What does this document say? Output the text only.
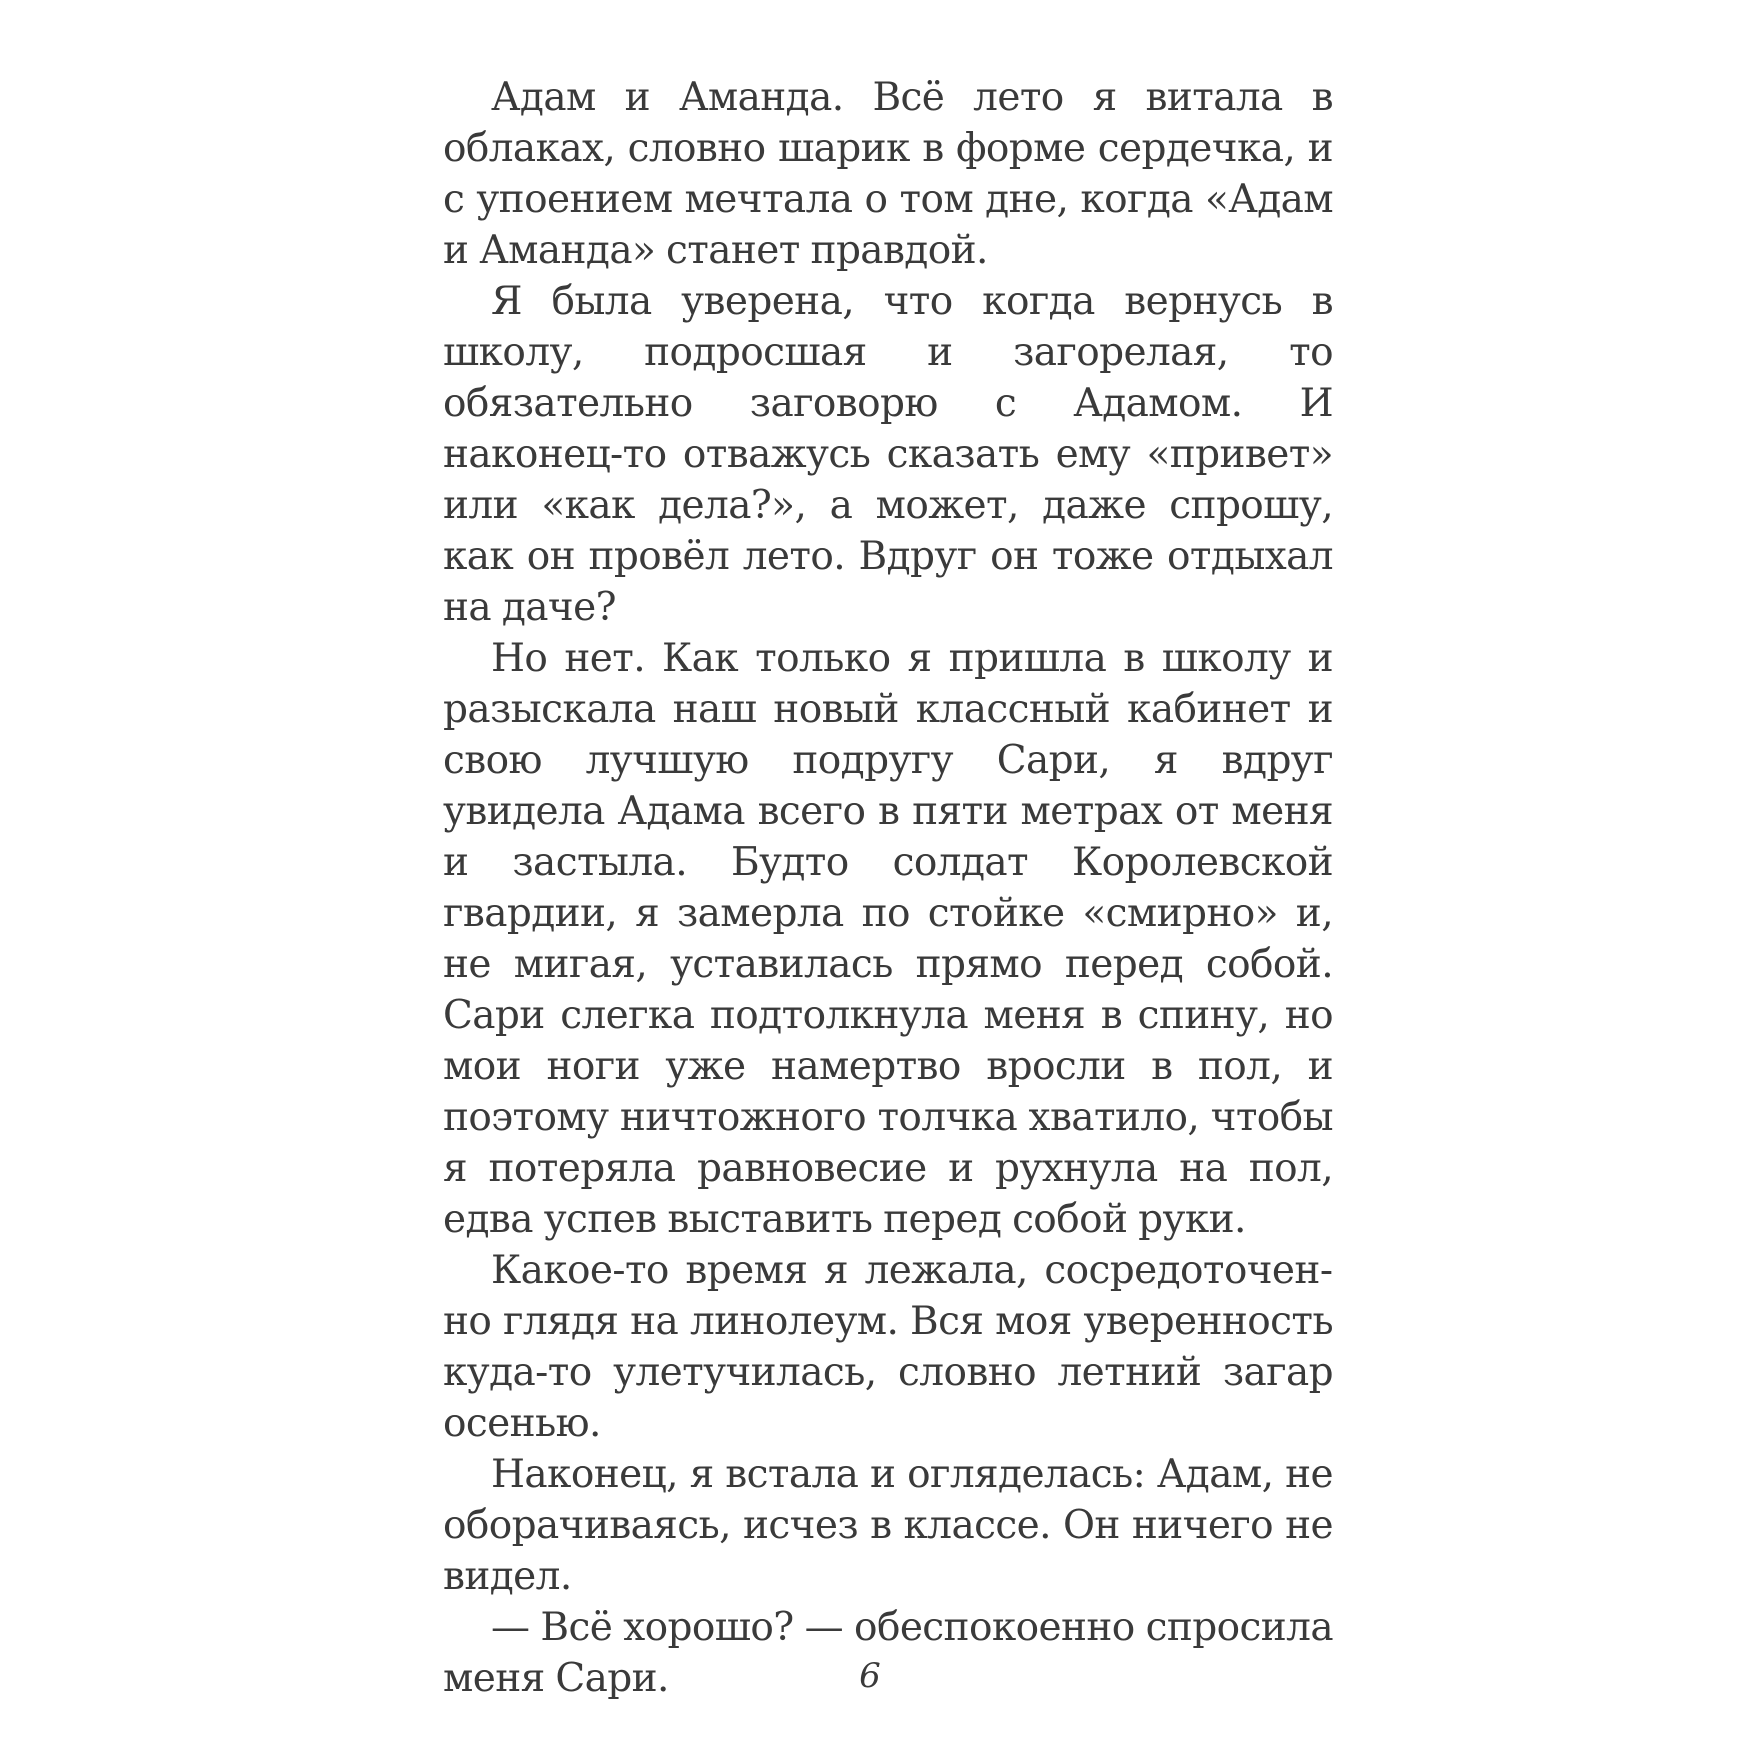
Адам и Аманда. Всё лето я витала в облаках, словно шарик в форме сердечка, и с упоением мечтала о том дне, когда «Адам и Аманда» станет правдой.

Я была уверена, что когда вернусь в школу, подросшая и загорелая, то обязательно заговорю с Адамом. И наконец-то отважусь сказать ему «привет» или «как дела?», а может, даже спрошу, как он провёл лето. Вдруг он тоже отдыхал на даче?

Но нет. Как только я пришла в школу и разыскала наш новый классный кабинет и свою лучшую подругу Сари, я вдруг увидела Адама всего в пяти метрах от меня и застыла. Будто солдат Королевской гвардии, я замерла по стойке «смирно» и, не мигая, уставилась прямо перед собой. Сари слегка подтолкнула меня в спину, но мои ноги уже намертво вросли в пол, и поэтому ничтожного толчка хватило, чтобы я потеряла равновесие и рухнула на пол, едва успев выставить перед собой руки.

Какое-то время я лежала, сосредоточенно глядя на линолеум. Вся моя уверенность куда-то улетучилась, словно летний загар осенью.

Наконец, я встала и огляделась: Адам, не оборачиваясь, исчез в классе. Он ничего не видел.

— Всё хорошо? — обеспокоенно спросила меня Сари.	6
